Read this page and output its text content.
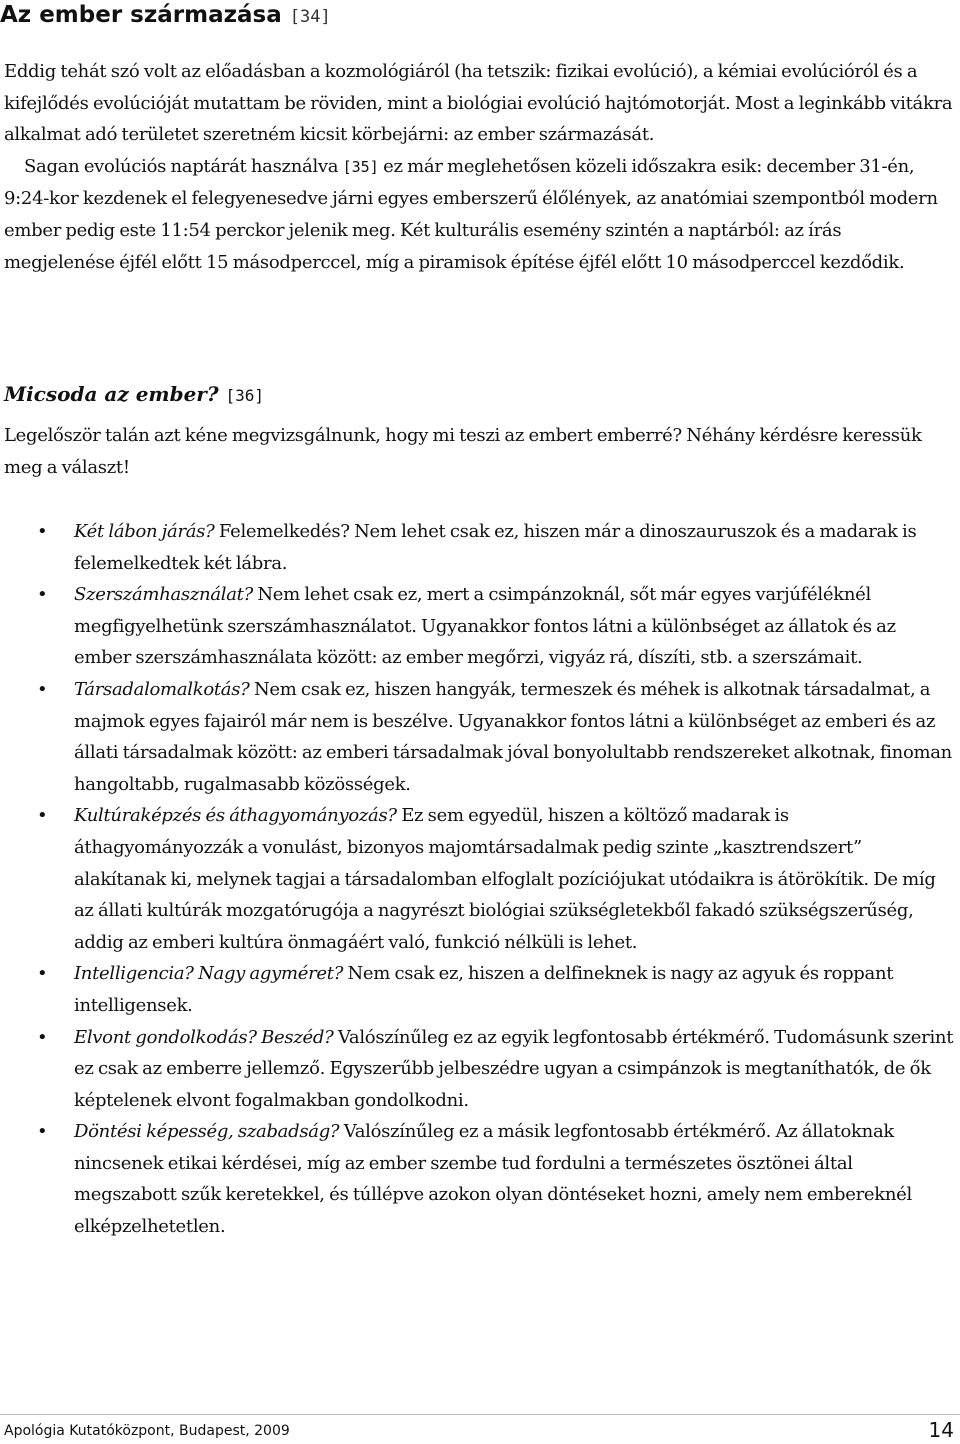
Az ember származása [34]

Eddig tehát szó volt az előadásban a kozmológiáról (ha tetszik: fizikai evolúció), a kémiai evolúcióról és a kifejlődés evolúcióját mutattam be röviden, mint a biológiai evolúció hajtómotorját. Most a leginkább vitákra alkalmat adó területet szeretném kicsit körbejárni: az ember származását.
Sagan evolúciós naptárát használva [35] ez már meglehetősen közeli időszakra esik: december 31-én, 9:24-kor kezdenek el felegyenesedve járni egyes emberszerű élőlények, az anatómiai szempontból modern ember pedig este 11:54 perckor jelenik meg. Két kulturális esemény szintén a naptárból: az írás megjelenése éjfél előtt 15 másodperccel, míg a piramisok építése éjfél előtt 10 másodperccel kezdődik.

Micsoda az ember? [36]

Legelőször talán azt kéne megvizsgálnunk, hogy mi teszi az embert emberré? Néhány kérdésre keressük meg a választ!

• Két lábon járás? Felemelkedés? Nem lehet csak ez, hiszen már a dinoszauruszok és a madarak is felemelkedtek két lábra.
• Szerszámhasználat? Nem lehet csak ez, mert a csimpánzoknál, sőt már egyes varjúféléknél megfigyelhetünk szerszámhasználatot. Ugyanakkor fontos látni a különbséget az állatok és az ember szerszámhasználata között: az ember megőrzi, vigyáz rá, díszíti, stb. a szerszámait.
• Társadalomalkotás? Nem csak ez, hiszen hangyák, termeszek és méhek is alkotnak társadalmat, a majmok egyes fajairól már nem is beszélve. Ugyanakkor fontos látni a különbséget az emberi és az állati társadalmak között: az emberi társadalmak jóval bonyolultabb rendszereket alkotnak, finoman hangoltabb, rugalmasabb közösségek.
• Kultúraképzés és áthagyományozás? Ez sem egyedül, hiszen a költöző madarak is áthagyományozzák a vonulást, bizonyos majomtársadalmak pedig szinte „kasztrendszert” alakítanak ki, melynek tagjai a társadalomban elfoglalt pozíciójukat utódaikra is átörökítik. De míg az állati kultúrák mozgatórugója a nagyrészt biológiai szükségletekből fakadó szükségszerűség, addig az emberi kultúra önmagáért való, funkció nélküli is lehet.
• Intelligencia? Nagy agyméret? Nem csak ez, hiszen a delfineknek is nagy az agyuk és roppant intelligensek.
• Elvont gondolkodás? Beszéd? Valószínűleg ez az egyik legfontosabb értékmérő. Tudomásunk szerint ez csak az emberre jellemző. Egyszerűbb jelbeszédre ugyan a csimpánzok is megtaníthatók, de ők képtelenek elvont fogalmakban gondolkodni.
• Döntési képesség, szabadság? Valószínűleg ez a másik legfontosabb értékmérő. Az állatoknak nincsenek etikai kérdései, míg az ember szembe tud fordulni a természetes ösztönei által megszabott szűk keretekkel, és túllépve azokon olyan döntéseket hozni, amely nem embereknél elképzelhetetlen.
Apológia Kutatóközpont, Budapest, 2009	14
